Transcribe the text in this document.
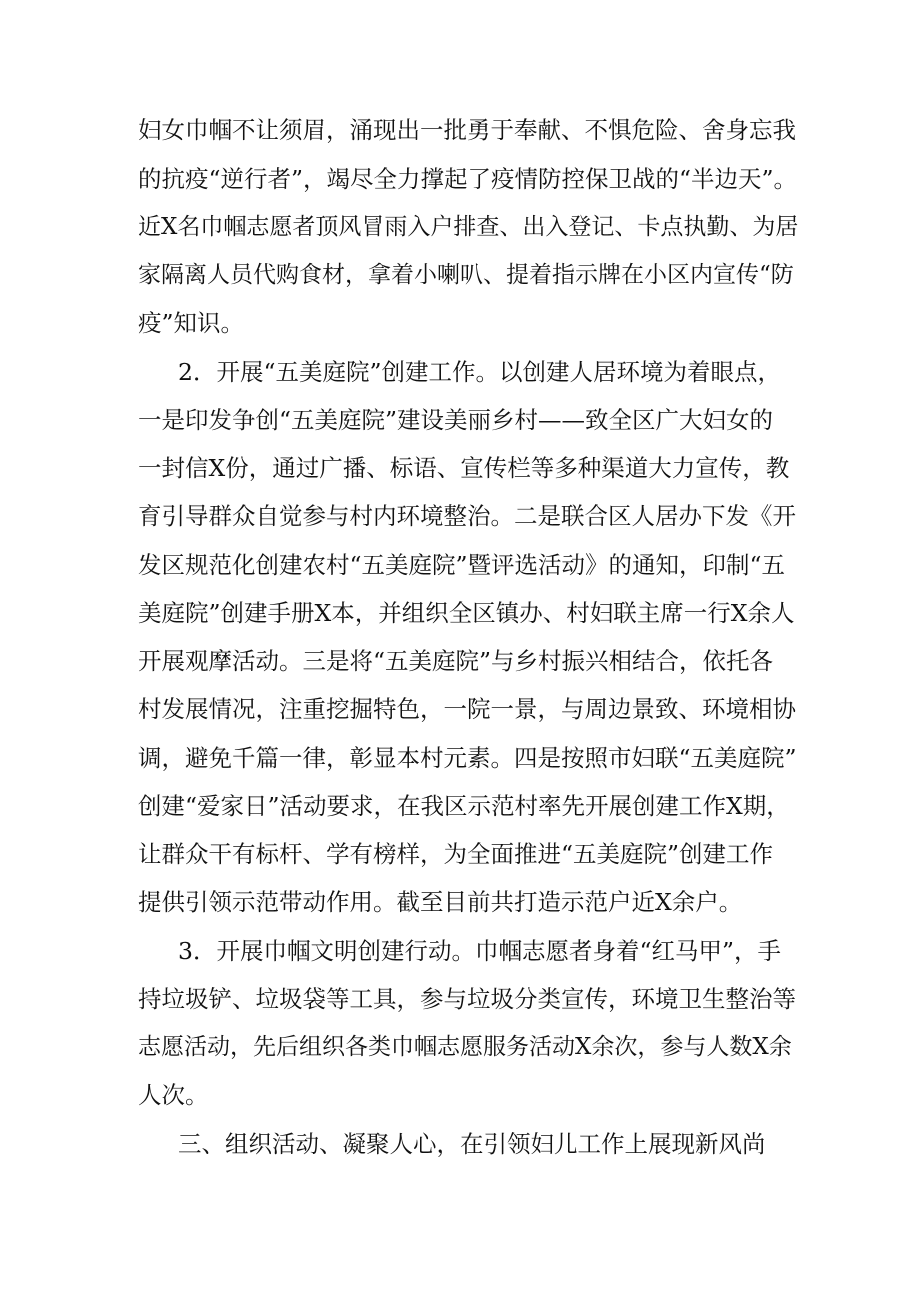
妇女巾帼不让须眉，涌现出一批勇于奉献、不惧危险、舍身忘我
的抗疫“逆行者”，竭尽全力撑起了疫情防控保卫战的“半边天”。
近X名巾帼志愿者顶风冒雨入户排查、出入登记、卡点执勤、为居
家隔离人员代购食材，拿着小喇叭、提着指示牌在小区内宣传“防
疫”知识。
2．开展“五美庭院”创建工作。以创建人居环境为着眼点，
一是印发争创“五美庭院”建设美丽乡村——致全区广大妇女的
一封信X份，通过广播、标语、宣传栏等多种渠道大力宣传，教
育引导群众自觉参与村内环境整治。二是联合区人居办下发《开
发区规范化创建农村“五美庭院”暨评选活动》的通知，印制“五
美庭院”创建手册X本，并组织全区镇办、村妇联主席一行X余人
开展观摩活动。三是将“五美庭院”与乡村振兴相结合，依托各
村发展情况，注重挖掘特色，一院一景，与周边景致、环境相协
调，避免千篇一律，彰显本村元素。四是按照市妇联“五美庭院”
创建“爱家日”活动要求，在我区示范村率先开展创建工作X期，
让群众干有标杆、学有榜样，为全面推进“五美庭院”创建工作
提供引领示范带动作用。截至目前共打造示范户近X余户。
3．开展巾帼文明创建行动。巾帼志愿者身着“红马甲”，手
持垃圾铲、垃圾袋等工具，参与垃圾分类宣传，环境卫生整治等
志愿活动，先后组织各类巾帼志愿服务活动X余次，参与人数X余
人次。
三、组织活动、凝聚人心，在引领妇儿工作上展现新风尚
